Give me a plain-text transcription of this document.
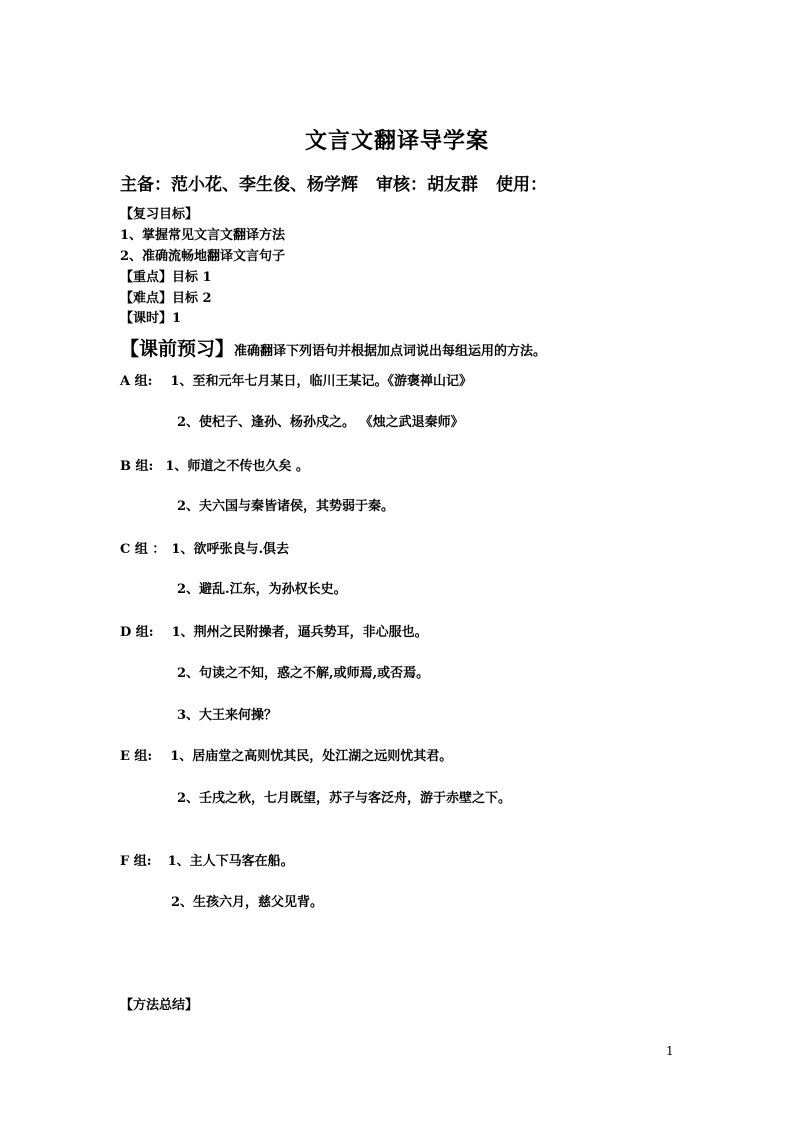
文言文翻译导学案
主备：范小花、李生俊、杨学辉 审核：胡友群 使用：
【复习目标】
1、掌握常见文言文翻译方法
2、准确流畅地翻译文言句子
【重点】目标 1
【难点】目标 2
【课时】1
【课前预习】准确翻译下列语句并根据加点词说出每组运用的方法。
A 组: 1、至和元年七月某日，临川王某记。《游褒禅山记》
2、使杞子、逢孙、杨孙戍之。 《烛之武退秦师》
B 组: 1、师道之不传也久矣 。
2、夫六国与秦皆诸侯，其势弱于秦。
C 组 ： 1、欲呼张良与.俱去
2、避乱.江东，为孙权长史。
D 组: 1、荆州之民附操者，逼兵势耳，非心服也。
2、句读之不知，惑之不解,或师焉,或否焉。
3、大王来何操？
E 组: 1、居庙堂之高则忧其民，处江湖之远则忧其君。
2、壬戌之秋，七月既望，苏子与客泛舟，游于赤壁之下。
F 组: 1、主人下马客在船。
2、生孩六月，慈父见背。
【方法总结】
1
